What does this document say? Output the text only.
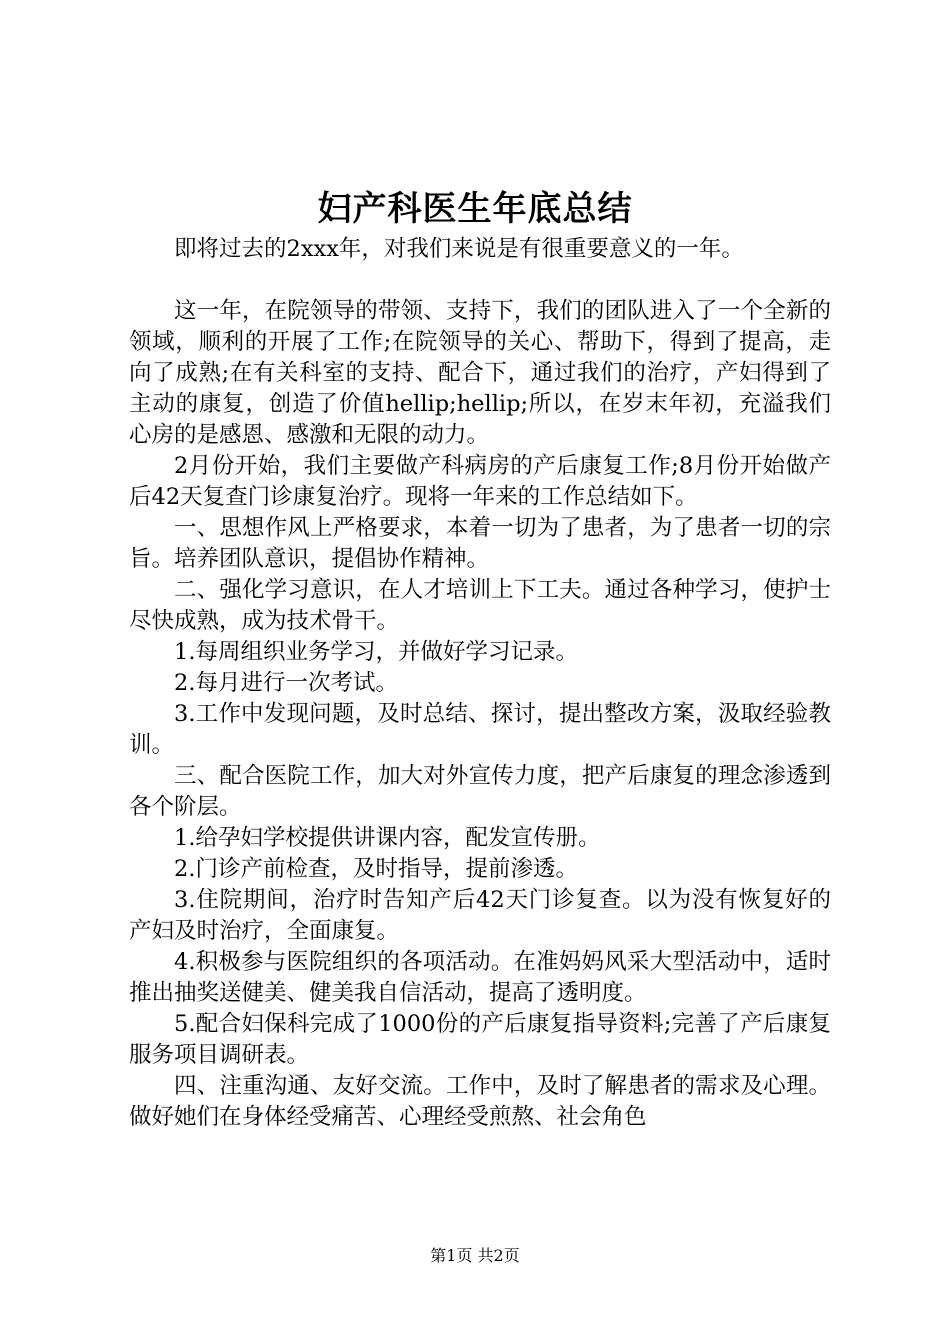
妇产科医生年底总结

即将过去的2xxx年，对我们来说是有很重要意义的一年。

这一年，在院领导的带领、支持下，我们的团队进入了一个全新的领域，顺利的开展了工作;在院领导的关心、帮助下，得到了提高，走向了成熟;在有关科室的支持、配合下，通过我们的治疗，产妇得到了主动的康复，创造了价值hellip;hellip;所以，在岁末年初，充溢我们心房的是感恩、感激和无限的动力。

2月份开始，我们主要做产科病房的产后康复工作;8月份开始做产后42天复查门诊康复治疗。现将一年来的工作总结如下。

一、思想作风上严格要求，本着一切为了患者，为了患者一切的宗旨。培养团队意识，提倡协作精神。

二、强化学习意识，在人才培训上下工夫。通过各种学习，使护士尽快成熟，成为技术骨干。

1.每周组织业务学习，并做好学习记录。

2.每月进行一次考试。

3.工作中发现问题，及时总结、探讨，提出整改方案，汲取经验教训。

三、配合医院工作，加大对外宣传力度，把产后康复的理念渗透到各个阶层。

1.给孕妇学校提供讲课内容，配发宣传册。

2.门诊产前检查，及时指导，提前渗透。

3.住院期间，治疗时告知产后42天门诊复查。以为没有恢复好的产妇及时治疗，全面康复。

4.积极参与医院组织的各项活动。在准妈妈风采大型活动中，适时推出抽奖送健美、健美我自信活动，提高了透明度。

5.配合妇保科完成了1000份的产后康复指导资料;完善了产后康复服务项目调研表。

四、注重沟通、友好交流。工作中，及时了解患者的需求及心理。做好她们在身体经受痛苦、心理经受煎熬、社会角色

第1页 共2页
